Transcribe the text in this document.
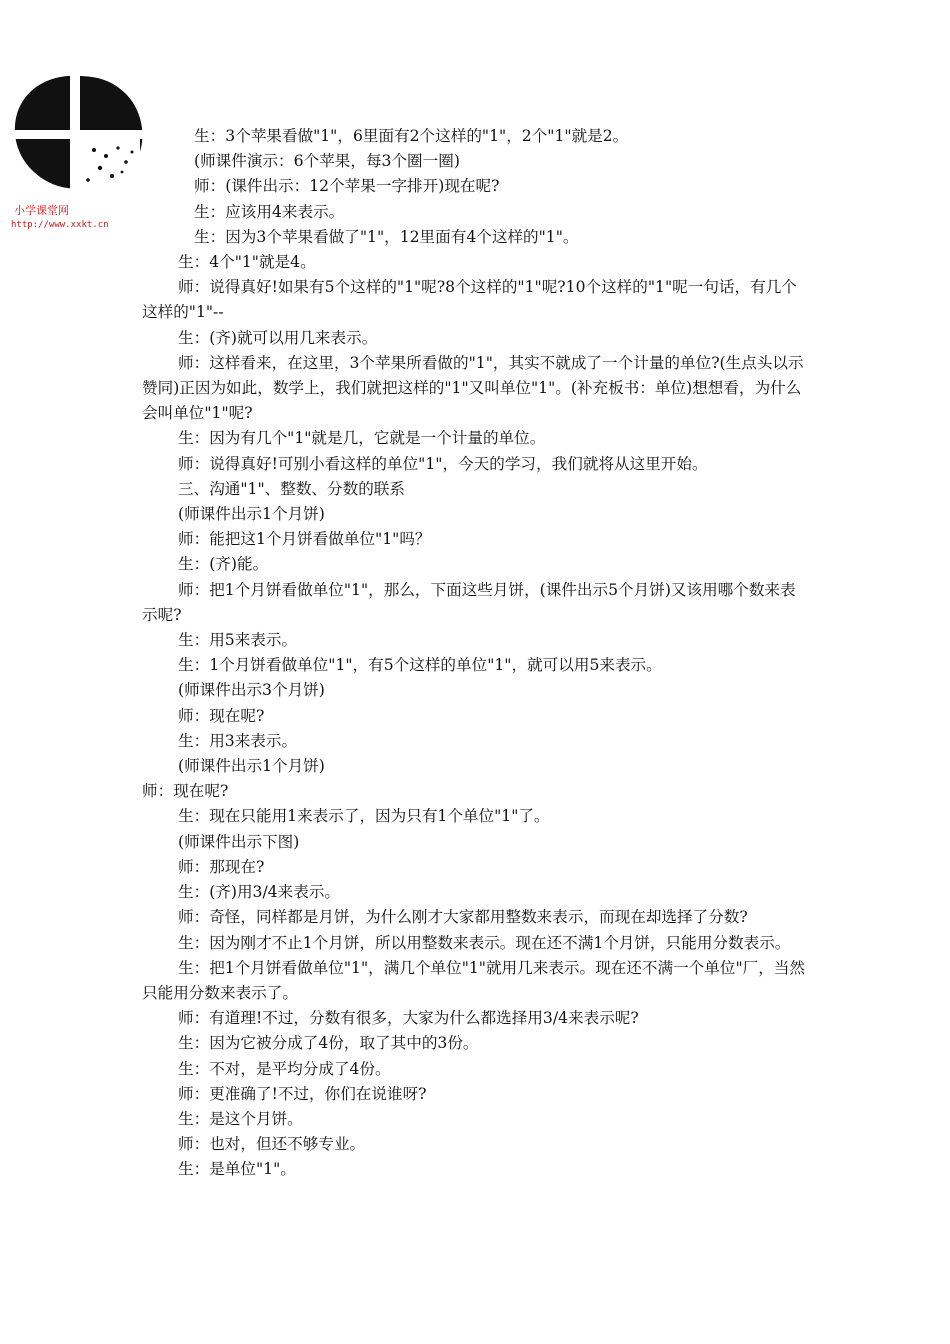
小学课堂网
http://www.xxkt.cn

生：3个苹果看做"1"，6里面有2个这样的"1"，2个"1"就是2。

(师课件演示：6个苹果，每3个圈一圈)

师：(课件出示：12个苹果一字排开)现在呢?

生：应该用4来表示。

生：因为3个苹果看做了"1"，12里面有4个这样的"1"。

生：4个"1"就是4。

师：说得真好!如果有5个这样的"1"呢?8个这样的"1"呢?10个这样的"1"呢一句话，有几个这样的"1"--

生：(齐)就可以用几来表示。

师：这样看来，在这里，3个苹果所看做的"1"，其实不就成了一个计量的单位?(生点头以示赞同)正因为如此，数学上，我们就把这样的"1"又叫单位"1"。(补充板书：单位)想想看，为什么会叫单位"1"呢?

生：因为有几个"1"就是几，它就是一个计量的单位。

师：说得真好!可别小看这样的单位"1"，今天的学习，我们就将从这里开始。

三、沟通"1"、整数、分数的联系

(师课件出示1个月饼)

师：能把这1个月饼看做单位"1"吗？

生：(齐)能。

师：把1个月饼看做单位"1"，那么，下面这些月饼，(课件出示5个月饼)又该用哪个数来表示呢?

生：用5来表示。

生：1个月饼看做单位"1"，有5个这样的单位"1"，就可以用5来表示。

(师课件出示3个月饼)

师：现在呢?

生：用3来表示。

(师课件出示1个月饼)

师：现在呢?

生：现在只能用1来表示了，因为只有1个单位"1"了。

(师课件出示下图)

师：那现在?

生：(齐)用3/4来表示。

师：奇怪，同样都是月饼，为什么刚才大家都用整数来表示，而现在却选择了分数?

生：因为刚才不止1个月饼，所以用整数来表示。现在还不满1个月饼，只能用分数表示。

生：把1个月饼看做单位"1"，满几个单位"1"就用几来表示。现在还不满一个单位"厂，当然只能用分数来表示了。

师：有道理!不过，分数有很多，大家为什么都选择用3/4来表示呢?

生：因为它被分成了4份，取了其中的3份。

生：不对，是平均分成了4份。

师：更准确了!不过，你们在说谁呀?

生：是这个月饼。

师：也对，但还不够专业。

生：是单位"1"。
